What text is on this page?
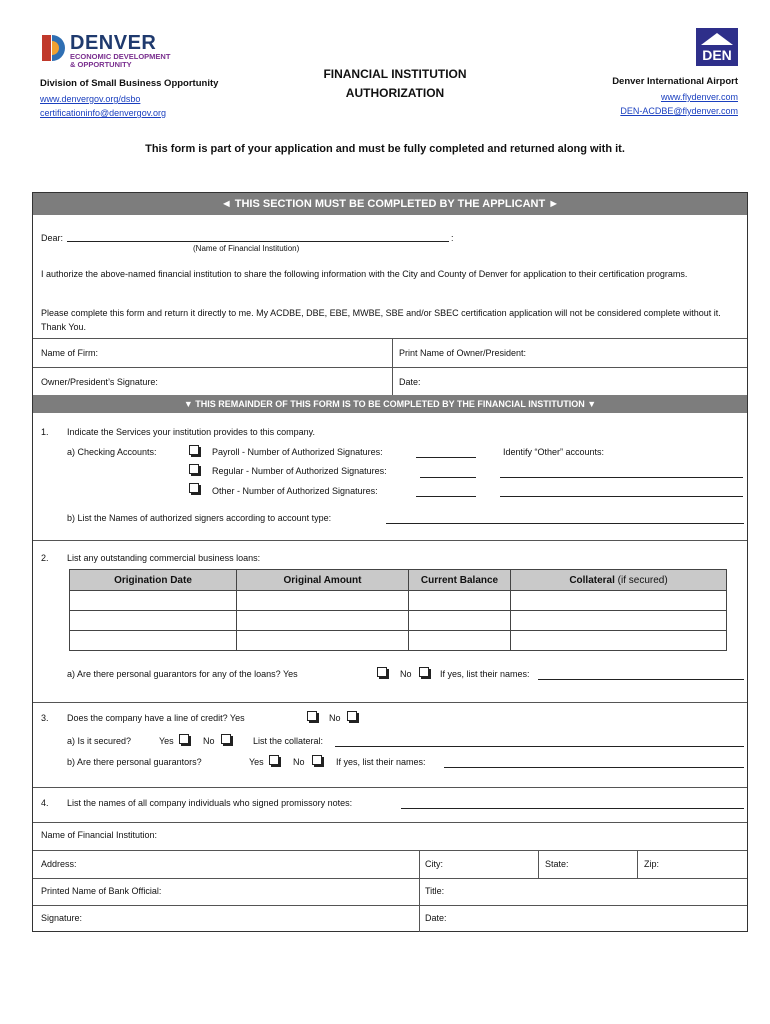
DENVER
ECONOMIC DEVELOPMENT
& OPPORTUNITY
Division of Small Business Opportunity
www.denvergov.org/dsbo
certificationinfo@denvergov.org
FINANCIAL INSTITUTION
AUTHORIZATION
DEN
Denver International Airport
www.flydenver.com
DEN-ACDBE@flydenver.com
This form is part of your application and must be fully completed and returned along with it.
◄ THIS SECTION MUST BE COMPLETED BY THE APPLICANT ►
Dear:	:
(Name of Financial Institution)
I authorize the above-named financial institution to share the following information with the City and County of Denver for application to their certification programs.
Please complete this form and return it directly to me. My ACDBE, DBE, EBE, MWBE, SBE and/or SBEC certification application will not be considered complete without it. Thank You.
Name of Firm:	Print Name of Owner/President:
Owner/President’s Signature:	Date:
▼ THIS REMAINDER OF THIS FORM IS TO BE COMPLETED BY THE FINANCIAL INSTITUTION ▼
1. Indicate the Services your institution provides to this company.
a) Checking Accounts:	Payroll - Number of Authorized Signatures:
Regular - Number of Authorized Signatures:
Other - Number of Authorized Signatures:
Identify “Other” accounts:
b) List the Names of authorized signers according to account type:
2. List any outstanding commercial business loans:
Origination Date	Original Amount	Current Balance	Collateral (if secured)

a) Are there personal guarantors for any of the loans? Yes	No	If yes, list their names:
3. Does the company have a line of credit? Yes	No
a) Is it secured?	Yes	No	List the collateral:
b) Are there personal guarantors?	Yes	No	If yes, list their names:
4. List the names of all company individuals who signed promissory notes:
Name of Financial Institution:
Address:	City:	State:	Zip:
Printed Name of Bank Official:	Title:
Signature:	Date:
